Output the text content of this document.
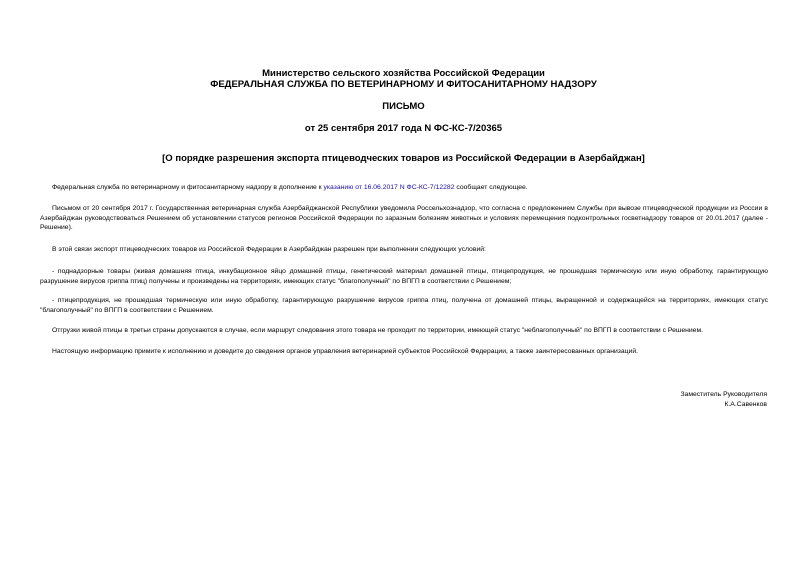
Министерство сельского хозяйства Российской Федерации
ФЕДЕРАЛЬНАЯ СЛУЖБА ПО ВЕТЕРИНАРНОМУ И ФИТОСАНИТАРНОМУ НАДЗОРУ
ПИСЬМО
от 25 сентября 2017 года N ФС-КС-7/20365
[О порядке разрешения экспорта птицеводческих товаров из Российской Федерации в Азербайджан]

Федеральная служба по ветеринарному и фитосанитарному надзору в дополнение к указанию от 16.06.2017 N ФС-КС-7/12282 сообщает следующее.

Письмом от 20 сентября 2017 г. Государственная ветеринарная служба Азербайджанской Республики уведомила Россельхознадзор, что согласна с предложением Службы при вывозе птицеводческой продукции из России в Азербайджан руководствоваться Решением об установлении статусов регионов Российской Федерации по заразным болезням животных и условиях перемещения подконтрольных госветнадзору товаров от 20.01.2017 (далее - Решение).

В этой связи экспорт птицеводческих товаров из Российской Федерации в Азербайджан разрешен при выполнении следующих условий:

- поднадзорные товары (живая домашняя птица, инкубационное яйцо домашней птицы, генетический материал домашней птицы, птицепродукция, не прошедшая термическую или иную обработку, гарантирующую разрушение вирусов гриппа птиц) получены и произведены на территориях, имеющих статус "благополучный" по ВПГП в соответствии с Решением;

- птицепродукция, не прошедшая термическую или иную обработку, гарантирующую разрушение вирусов гриппа птиц, получена от домашней птицы, выращенной и содержащейся на территориях, имеющих статус "благополучный" по ВПГП в соответствии с Решением.

Отгрузки живой птицы в третьи страны допускаются в случае, если маршрут следования этого товара не проходит по территории, имеющей статус "неблагополучный" по ВПГП в соответствии с Решением.

Настоящую информацию примите к исполнению и доведите до сведения органов управления ветеринарией субъектов Российской Федерации, а также заинтересованных организаций.

Заместитель Руководителя
К.А.Савенков
